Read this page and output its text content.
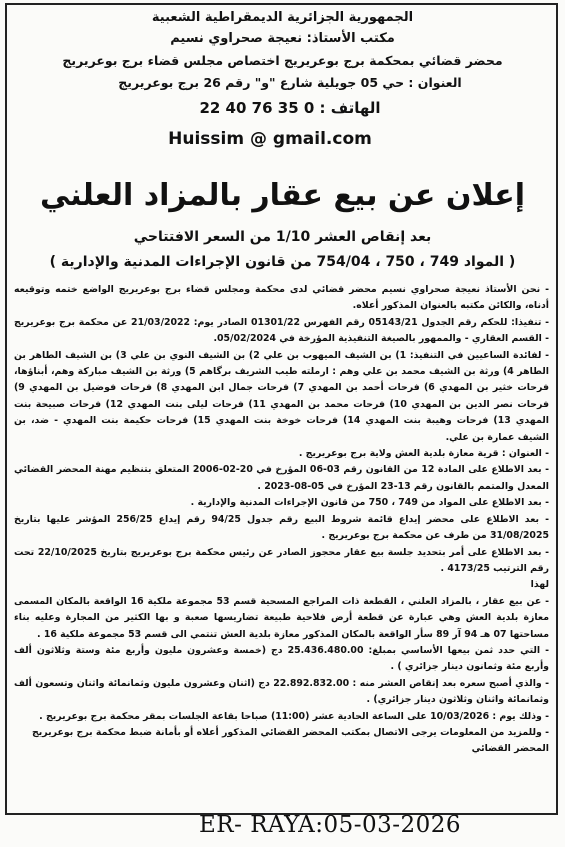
الجمهورية الجزائرية الديمقراطية الشعبية
مكتب الأستاذ: نعيجة صحراوي نسيم
محضر قضائي بمحكمة برج بوعريريج اختصاص مجلس قضاء برج بوعريريج
العنوان : حي 05 جويلية شارع "و" رقم 26 برج بوعريريج
الهاتف : 0 35 76 40 22
Huissim @ gmail.com
إعلان عن بيع عقار بالمزاد العلني
بعد إنقاص العشر 1/10 من السعر الافتتاحي
( المواد 749 ، 750 ، 754/04 من قانون الإجراءات المدنية والإدارية )

- نحن الأستاذ نعيجة صحراوي نسيم محضر قضائي لدى محكمة ومجلس قضاء برج بوعريريج الواضع ختمه وتوقيعه أدناه، والكائن مكتبه بالعنوان المذكور أعلاه.

- تنفيذا: للحكم رقم الجدول 05143/21 رقم الفهرس 01301/22 الصادر يوم: 21/03/2022 عن محكمة برج بوعريريج - القسم العقاري - والممهور بالصيغة التنفيذية المؤرخة في 05/02/2024.

- لفائدة الساعيين في التنفيذ: 1) بن الشيف الميهوب بن علي 2) بن الشيف النوي بن علي 3) بن الشيف الطاهر بن الطاهر 4) ورثة بن الشيف محمد بن علي وهم : ارملته طيب الشريف برگاهم 5) ورثة بن الشيف مباركة وهم، أبناؤها، فرحات خثير بن المهدي 6) فرحات أحمد بن المهدي 7) فرحات جمال ابن المهدي 8) فرحات فوضيل بن المهدي 9) فرحات نصر الدين بن المهدي 10) فرحات محمد بن المهدي 11) فرحات ليلى بنت المهدي 12) فرحات صبيحة بنت المهدي 13) فرحات وهيبة بنت المهدي 14) فرحات خوخة بنت المهدي 15) فرحات حكيمة بنت المهدي - ضد، بن الشيف عمارة بن علي.

- العنوان : قرية معازة بلدية العش ولاية برج بوعريريج .

- بعد الاطلاع على المادة 12 من القانون رقم 03-06 المؤرخ في 20-02-2006 المتعلق بتنظيم مهنة المحضر القضائي المعدل والمتمم بالقانون رقم 13-23 المؤرخ في 05-08-2023 .

- بعد الاطلاع على المواد من 749 ، 750 من قانون الإجراءات المدنية والإدارية .

- بعد الاطلاع على محضر إيداع قائمة شروط البيع رقم جدول 94/25 رقم إيداع 256/25 المؤشر عليها بتاريخ 31/08/2025 من طرف عن محكمة برج بوعريريج .

- بعد الاطلاع على أمر بتحديد جلسة بيع عقار محجوز الصادر عن رئيس محكمة برج بوعريريج بتاريخ 22/10/2025 تحت رقم الترتيب 4173/25 .

لهذا

- عن بيع عقار ، بالمزاد العلني ، القطعة ذات المراجع المسحية قسم 53 مجموعة ملكية 16 الواقعة بالمكان المسمى معازة بلدية العش وهي عبارة عن قطعة أرض فلاحية طبيعة تضاريسها صعبة و بها الكثير من المجارة وعليه بناء مساحتها 07 هـ 94 آر 89 سأر الواقعة بالمكان المذكور معازة بلدية العش تنتمي الى قسم 53 مجموعة ملكية 16 .

- التي حدد ثمن بيعها الأساسي بمبلغ: 25.436.480.00 دج (خمسة وعشرون مليون وأربع مئة وستة وثلاثون ألف وأربع مئة وثمانون دينار جزائري ) .

- والذي أصبح سعره بعد إنقاص العشر منه : 22.892.832.00 دج (اثنان وعشرون مليون وثمانمائة واثنان وتسعون ألف وثمانمائة واثنان وثلاثون دينار جزائري) .

- وذلك يوم : 10/03/2026 على الساعة الحادية عشر (11:00) صباحا بقاعة الجلسات بمقر محكمة برج بوعريريج .

- وللمزيد من المعلومات يرجى الاتصال بمكتب المحضر القضائي المذكور أعلاه أو بأمانة ضبط محكمة برج بوعريريج

المحضر القضائي

ER- RAYA:05-03-2026
